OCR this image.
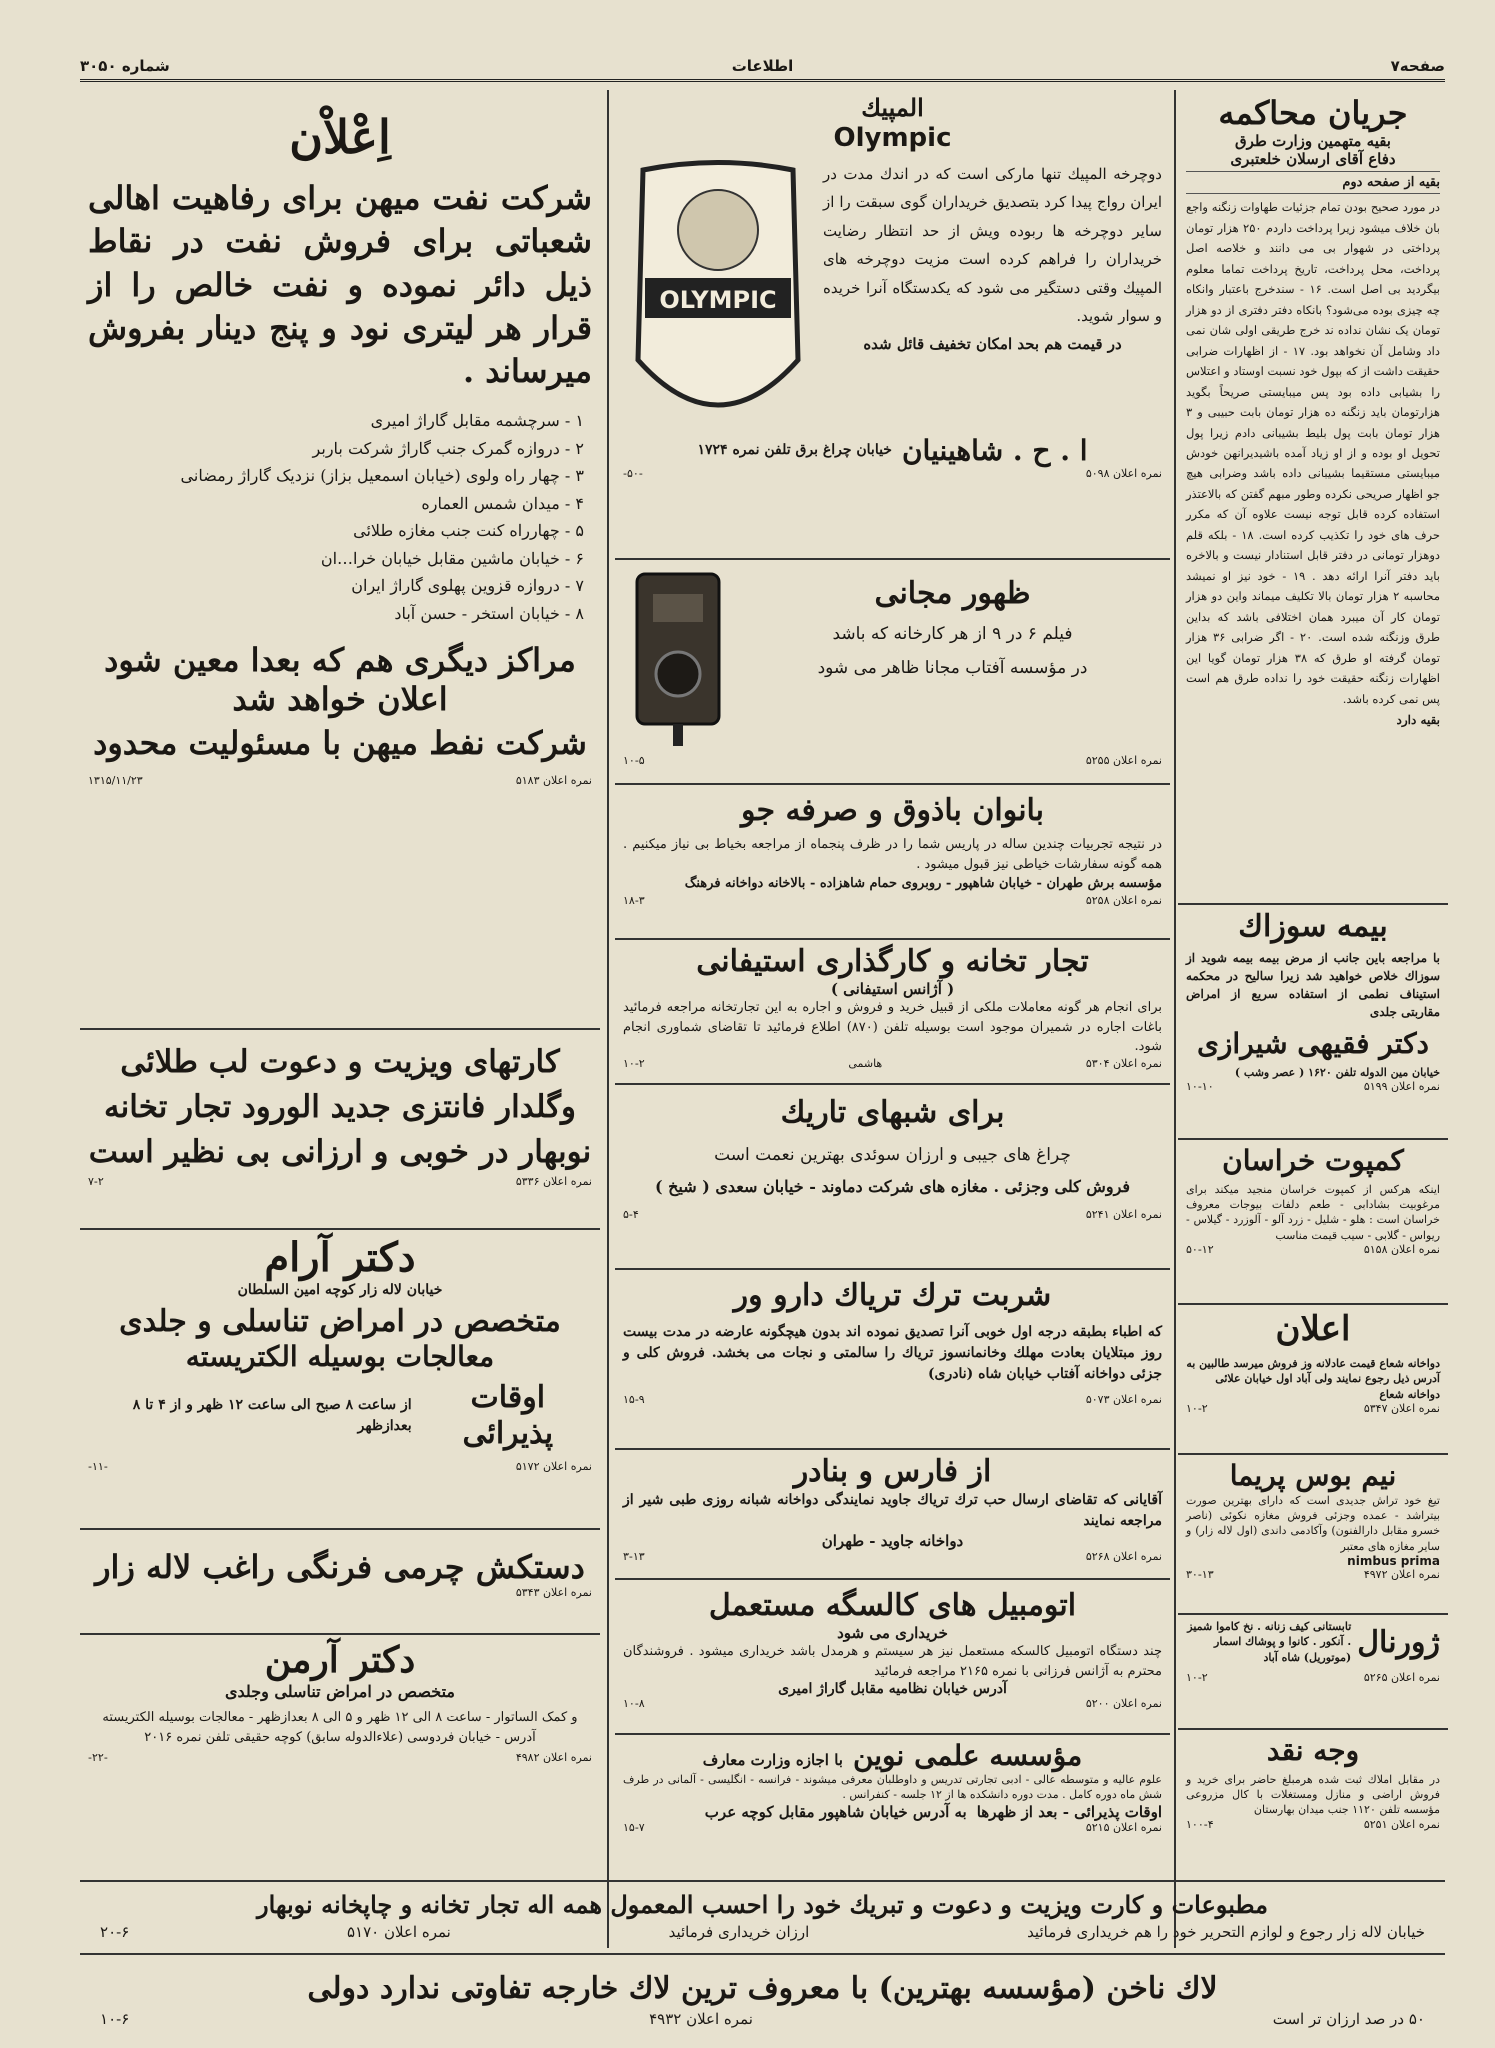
شماره ۳۰۵۰	اطلاعات	صفحه۷
اِعْلاْن
شرکت نفت میهن برای رفاهیت اهالی شعباتی برای فروش نفت در نقاط ذیل دائر نموده و نفت خالص را از قرار هر لیتری نود و پنج دینار بفروش میرساند .
۱ - سرچشمه مقابل گاراژ امیری
۲ - دروازه گمرک جنب گاراژ شرکت باربر
۳ - چهار راه ولوی (خیابان اسمعیل بزاز) نزدیک گاراژ رمضانی
۴ - میدان شمس العماره
۵ - چهارراه کنت جنب مغازه طلائی
۶ - خیابان ماشین مقابل خیابان خرا…ان
۷ - دروازه قزوین پهلوی گاراژ ایران
۸ - خیابان استخر - حسن آباد
مراکز دیگری هم که بعدا معین شود اعلان خواهد شد
شرکت نفط میهن با مسئولیت محدود
نمره اعلان ۵۱۸۳
۱۳۱۵/۱۱/۲۳
کارتهای ویزیت و دعوت لب طلائی وگلدار فانتزی جدید الورود تجار تخانه نوبهار در خوبی و ارزانی بی نظیر است
نمره اعلان ۵۳۳۶
۷-۲
دکتر آرام
خیابان لاله زار کوچه امین السلطان
متخصص در امراض تناسلی و جلدی
معالجات بوسیله الکتریسته
اوقات پذیرائی
از ساعت ۸ صبح الی ساعت ۱۲ ظهر و از ۴ تا ۸ بعدازظهر
نمره اعلان ۵۱۷۲
-۱۱-
دستکش چرمی فرنگی راغب لاله زار
نمره اعلان ۵۳۴۳
دکتر آرمن
متخصص در امراض تناسلی وجلدی
و کمک الساتوار - ساعت ۸ الی ۱۲ ظهر و ۵ الی ۸ بعدازظهر - معالجات بوسیله الکتریسته
آدرس - خیابان فردوسی (علاءالدوله سابق) کوچه حقیقی تلفن نمره ۲۰۱۶
نمره اعلان ۴۹۸۲
-۲۲-
المپیك
Olympic
دوچرخه المپیك تنها مارکی است که در اندك مدت در ایران رواج پیدا کرد بتصدیق خریداران گوی سبقت را از سایر دوچرخه ها ربوده ویش از حد انتظار رضایت خریداران را فراهم کرده است مزیت دوچرخه های المپیك وقتی دستگیر می شود که یکدستگاه آنرا خریده و سوار شوید.
در قیمت هم بحد امکان تخفیف قائل شده
OLYMPIC
ا . ح . شاهینیان
خیابان چراغ برق تلفن نمره ۱۷۲۴
نمره اعلان ۵۰۹۸
-۵۰-
ظهور مجانی
فیلم ۶ در ۹ از هر کارخانه که باشد
در مؤسسه آفتاب مجانا ظاهر می شود
نمره اعلان ۵۲۵۵
۱۰-۵
بانوان باذوق و صرفه جو
در نتیجه تجربیات چندین ساله در پاریس شما را در ظرف پنجماه از مراجعه بخیاط بی نیاز میکنیم . همه گونه سفارشات خیاطی نیز قبول میشود .
مؤسسه برش طهران - خیابان شاهپور - روبروی حمام شاهزاده - بالاخانه دواخانه فرهنگ
نمره اعلان ۵۲۵۸
۱۸-۳
تجار تخانه و کارگذاری استیفانی
( آژانس استیفانی )
برای انجام هر گونه معاملات ملکی از قبیل خرید و فروش و اجاره به این تجارتخانه مراجعه فرمائید باغات اجاره در شمیران موجود است بوسیله تلفن (۸۷۰) اطلاع فرمائید تا تقاضای شماوری انجام شود.
نمره اعلان ۵۳۰۴
هاشمی
۱۰-۲
برای شبهای تاریك
چراغ های جیبی و ارزان سوئدی بهترین نعمت است
فروش کلی وجزئی . مغازه های شرکت دماوند - خیابان سعدی ( شیخ )
نمره اعلان ۵۲۴۱
۵-۴
شربت ترك تریاك دارو ور
که اطباء بطبقه درجه اول خوبی آنرا تصدیق نموده اند بدون هیچگونه عارضه در مدت بیست روز مبتلایان بعادت مهلك وخانمانسوز تریاك را سالمتی و نجات می بخشد. فروش کلی و جزئی دواخانه آفتاب خیابان شاه (نادری)
نمره اعلان ۵۰۷۳
۱۵-۹
از فارس و بنادر
آقایانی که تقاضای ارسال حب ترك تریاك جاوید نمایندگی دواخانه شبانه روزی طبی شیر از مراجعه نمایند
دواخانه جاوید - طهران
نمره اعلان ۵۲۶۸
۳-۱۳
اتومبیل های کالسگه مستعمل
خریداری می شود
چند دستگاه اتومبیل کالسکه مستعمل نیز هر سیستم و هرمدل باشد خریداری میشود . فروشندگان محترم به آژانس فرزانی با نمره ۲۱۶۵ مراجعه فرمائید
آدرس خیابان نظامیه مقابل گاراژ امیری
نمره اعلان ۵۲۰۰
۱۰-۸
مؤسسه علمی نوین
با اجازه وزارت معارف
علوم عالیه و متوسطه عالی - ادبی تجارتی تدریس و داوطلبان معرفی میشوند - فرانسه - انگلیسی - آلمانی در طرف شش ماه دوره کامل . مدت دوره دانشکده ها از ۱۲ جلسه - کنفرانس .
اوقات پذیرائی - بعد از ظهرها
به آدرس خیابان شاهپور مقابل کوچه عرب
نمره اعلان ۵۲۱۵
۱۵-۷
جریان محاکمه
بقیه متهمین وزارت طرق
دفاع آقای ارسلان خلعتبری
بقیه از صفحه دوم
در مورد صحیح بودن تمام جزئیات طهاوات زنگنه واجع بان خلاف میشود زیرا پرداخت داردم ۲۵۰ هزار تومان پرداختی در شهوار بی می دانند و خلاصه اصل پرداخت، محل پرداخت، تاریخ پرداخت تماما معلوم بیگردید بی اصل است. ۱۶ - سندخرج باعتبار وانکاه چه چیزی بوده می‌شود؟ بانکاه دفتر دفتری از دو هزار تومان یک نشان نداده ند خرج طریقی اولی شان نمی داد وشامل آن نخواهد بود. ۱۷ - از اظهارات ضرابی حقیقت داشت از که بپول خود نسبت اوستاد و اعتلاس را بشیابی داده بود پس میبایستی صریحاً بگوید هزارتومان باید زنگنه ده هزار تومان بابت حبیبی و ۳ هزار تومان بابت پول بلیط بشیبانی دادم زیرا پول تحویل او بوده و از او زیاد آمده باشیدیرانهن خودش میبایستی مستقیما بشیبانی داده باشد وضرابی هیچ جو اظهار صریحی نکرده وطور مبهم گفتن که بالاعتذر استفاده کرده قابل توجه نیست علاوه آن که مکرر حرف های خود را تکذیب کرده است. ۱۸ - بلکه قلم دوهزار تومانی در دفتر قابل استنادار نیست و بالاخره باید دفتر آنرا ارائه دهد . ۱۹ - خود نیز او نمیشد محاسبه ۲ هزار تومان بالا تکلیف میماند واین دو هزار تومان کار آن میبرد همان اختلافی باشد که بداین طرق وزنگنه شده است. ۲۰ - اگر ضرابی ۳۶ هزار تومان گرفته او طرق که ۳۸ هزار تومان گویا این اظهارات زنگنه حقیقت خود را نداده طرق هم است پس نمی کرده باشد.
بقیه دارد
بیمه سوزاك
با مراجعه باین جانب از مرض بیمه بیمه شوید از سوزاك خلاص خواهید شد زیرا سالیح در محکمه استیناف نطمی از استفاده سریع از امراض مقاربتی جلدی
دکتر فقیهی شیرازی
خیابان مین الدوله تلفن ۱۶۲۰ ( عصر وشب )
نمره اعلان ۵۱۹۹
۱۰-۱۰
کمپوت خراسان
اینکه هرکس از کمپوت خراسان منجید میکند برای مرغوبیت بشادابی - طعم دلفات بیوجات معروف خراسان است : هلو - شلیل - زرد آلو - آلوزرد - گیلاس - ریواس - گلابی - سیب قیمت مناسب
نمره اعلان ۵۱۵۸
۵۰-۱۲
اعلان
دواخانه شعاع قیمت عادلانه وز فروش میرسد طالبین به آدرس ذیل رجوع نمایند ولی آباد اول خیابان علائی دواخانه شعاع
نمره اعلان ۵۳۴۷
۱۰-۲
نیم بوس پریما
تیغ خود تراش جدیدی است که دارای بهترین صورت بیتراشد - عمده وجزئی فروش مغازه نکوئی (ناصر خسرو مقابل دارالفنون) وآکادمی داندی (اول لاله زار) و سایر مغازه های معتبر
nimbus prima
نمره اعلان ۴۹۷۲
۳۰-۱۳
ژورنال
تابستانی کیف زنانه . نخ کاموا شمیز . آنکور . کانوا و پوشاك اسمار (موتوریل) شاه آباد
نمره اعلان ۵۲۶۵
۱۰-۲
وجه نقد
در مقابل املاك ثبت شده هرمبلغ حاضر برای خرید و فروش اراضی و منازل ومستغلات با کال مزروعی مؤسسه تلفن ۱۱۲۰ جنب میدان بهارستان
نمره اعلان ۵۲۵۱
۱۰۰-۴
مطبوعات و کارت ویزیت و دعوت و تبریك خود را احسب المعمول همه اله تجار تخانه و چاپخانه نوبهار
خیابان لاله زار رجوع و لوازم التحریر خود را هم خریداری فرمائید
ارزان خریداری فرمائید
نمره اعلان ۵۱۷۰
۲۰-۶
لاك ناخن (مؤسسه بهترین) با معروف ترین لاك خارجه تفاوتی ندارد دولی
۵۰ در صد ارزان تر است
نمره اعلان ۴۹۳۲
۱۰-۶
